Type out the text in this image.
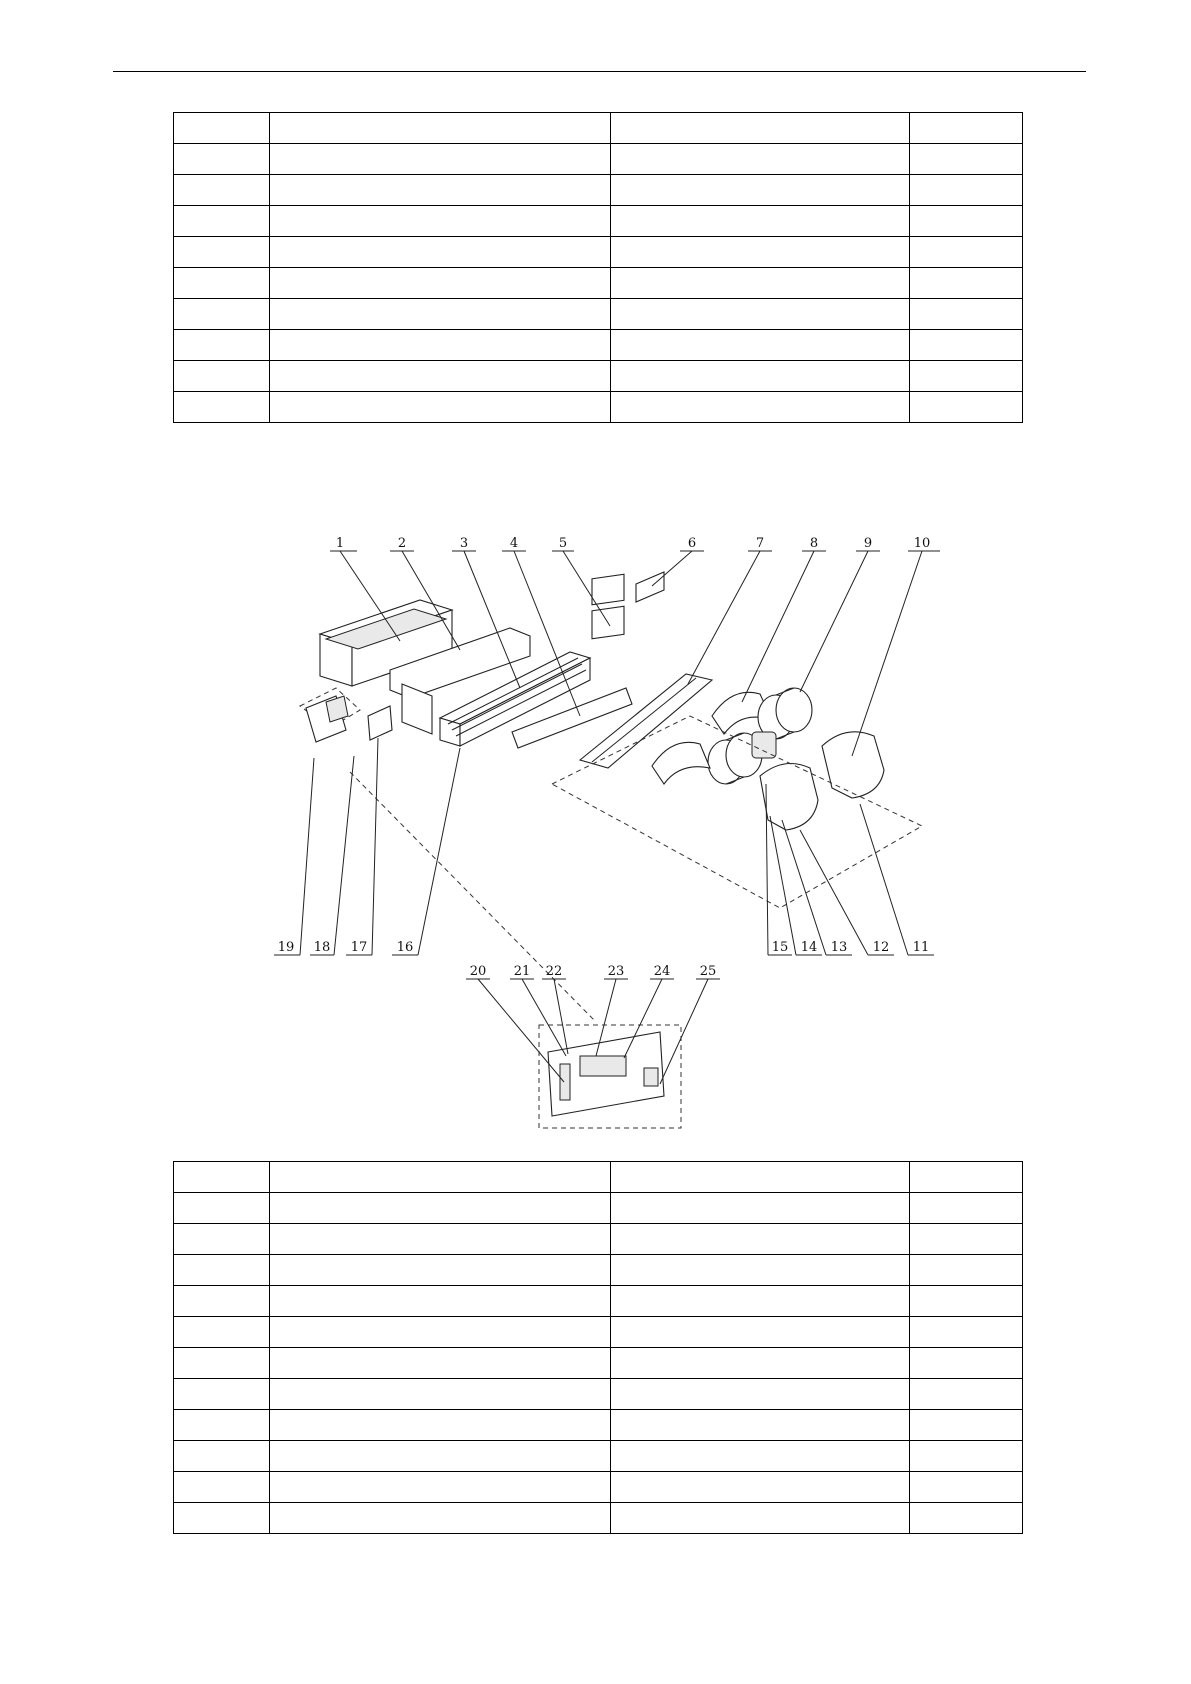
1	2	3	4	5	6	7	8	9	10
19 18 17 16	15 14 13 12 11
20 21 22	23 24 25
